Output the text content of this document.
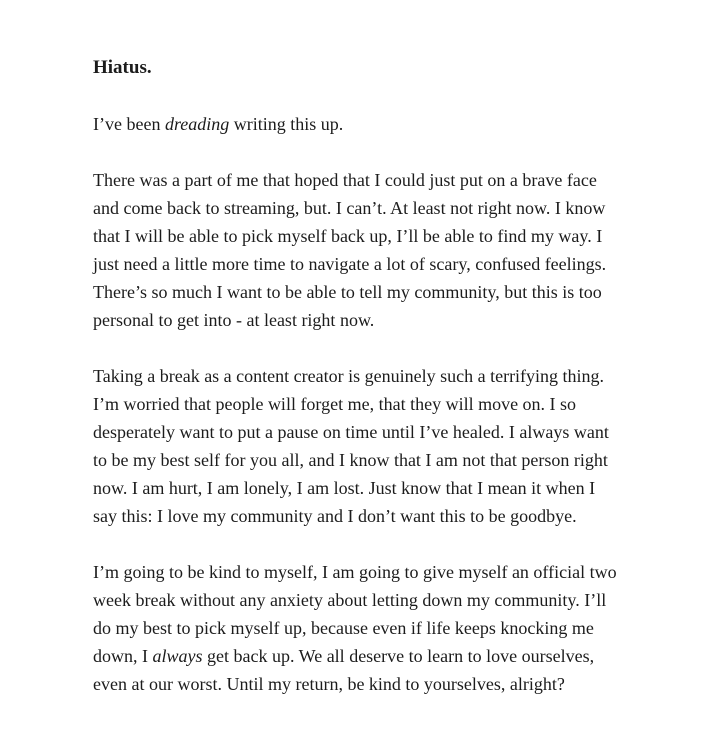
Hiatus.

I’ve been dreading writing this up.

There was a part of me that hoped that I could just put on a brave face and come back to streaming, but. I can’t. At least not right now. I know that I will be able to pick myself back up, I’ll be able to find my way. I just need a little more time to navigate a lot of scary, confused feelings. There’s so much I want to be able to tell my community, but this is too personal to get into - at least right now.

Taking a break as a content creator is genuinely such a terrifying thing. I’m worried that people will forget me, that they will move on. I so desperately want to put a pause on time until I’ve healed. I always want to be my best self for you all, and I know that I am not that person right now. I am hurt, I am lonely, I am lost. Just know that I mean it when I say this: I love my community and I don’t want this to be goodbye.

I’m going to be kind to myself, I am going to give myself an official two week break without any anxiety about letting down my community. I’ll do my best to pick myself up, because even if life keeps knocking me down, I always get back up. We all deserve to learn to love ourselves, even at our worst. Until my return, be kind to yourselves, alright?
